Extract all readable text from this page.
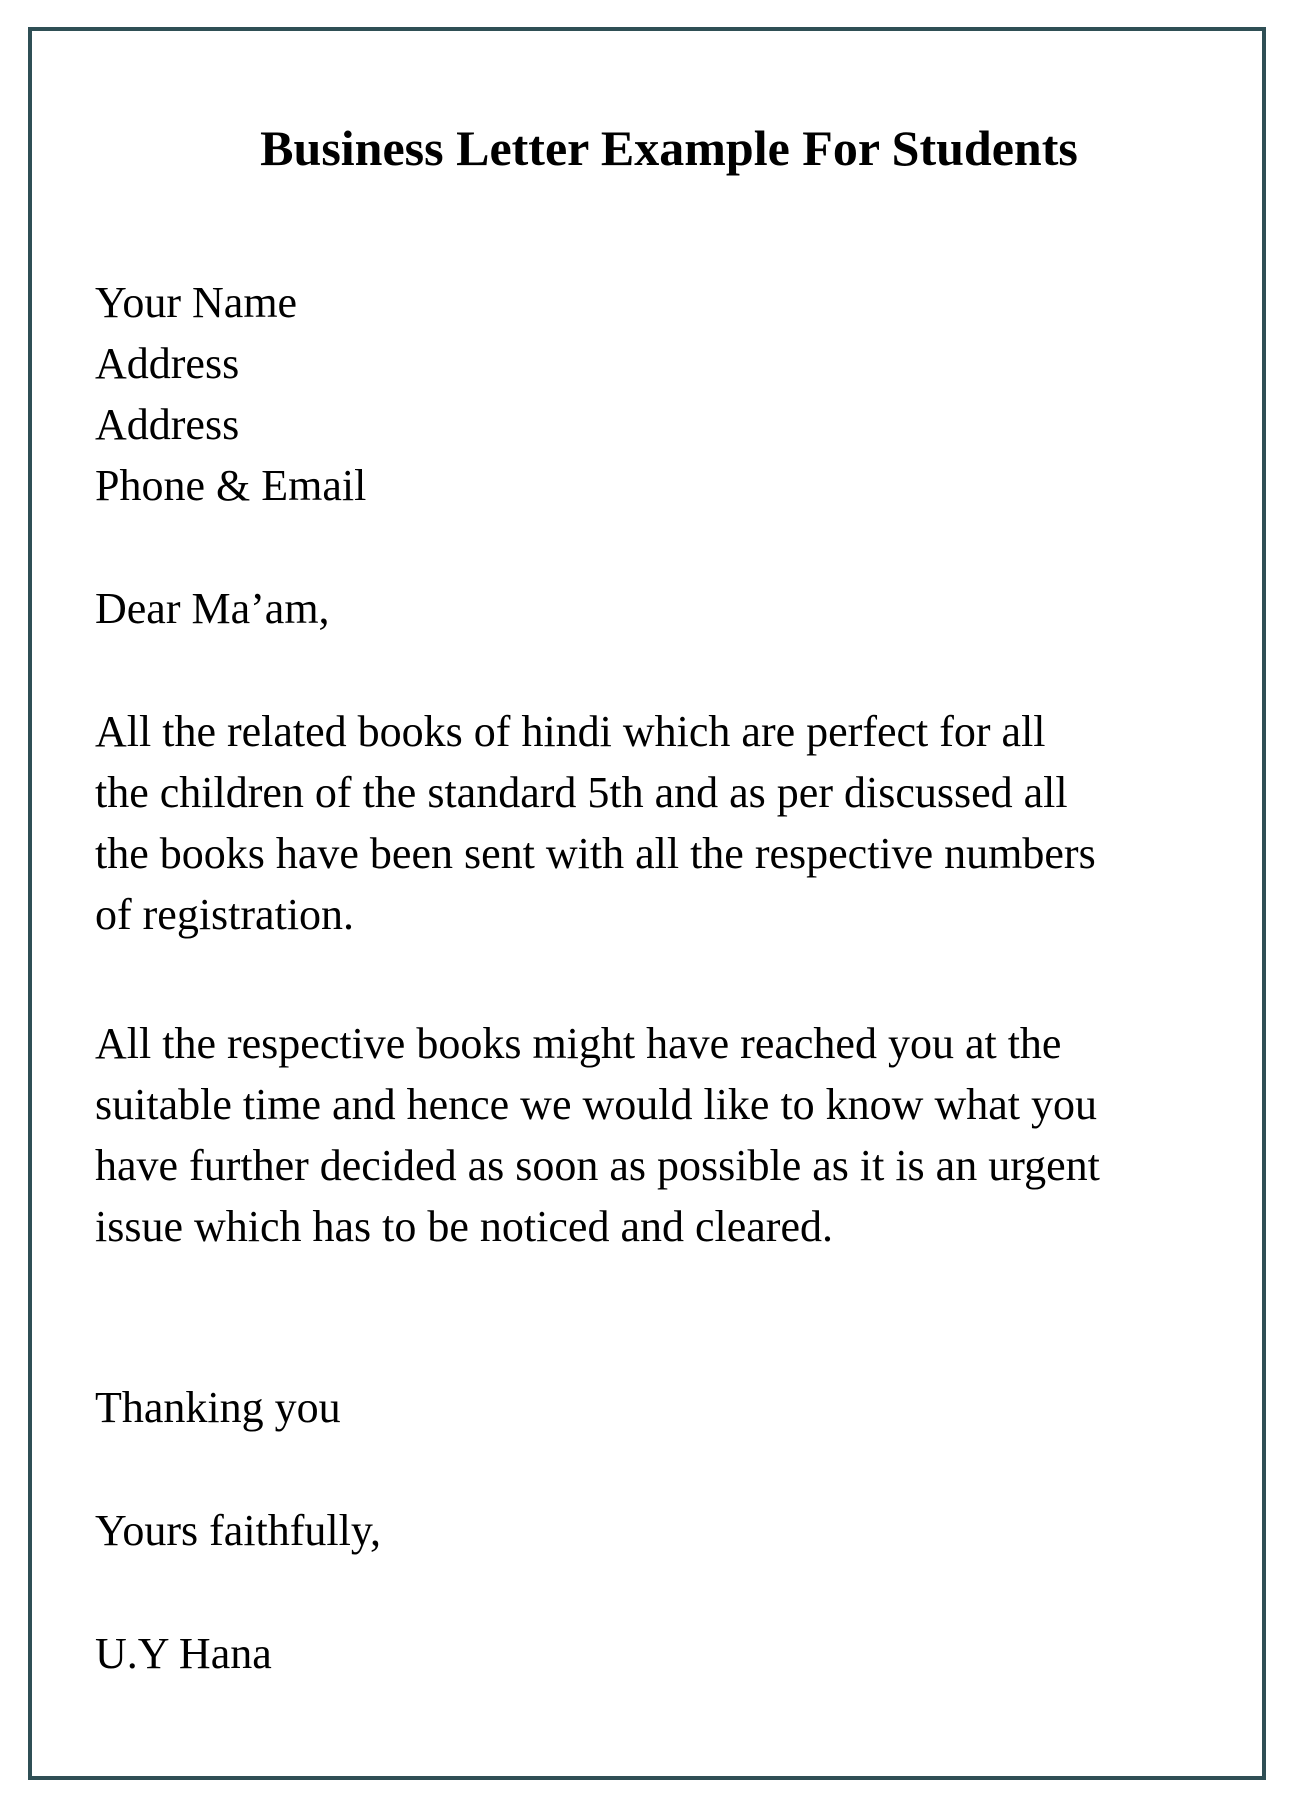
Business Letter Example For Students
Your Name
Address
Address
Phone & Email

Dear Ma’am,

All the related books of hindi which are perfect for all
the children of the standard 5th and as per discussed all
the books have been sent with all the respective numbers
of registration.
All the respective books might have reached you at the
suitable time and hence we would like to know what you
have further decided as soon as possible as it is an urgent
issue which has to be noticed and cleared.

Thanking you

Yours faithfully,

U.Y Hana
